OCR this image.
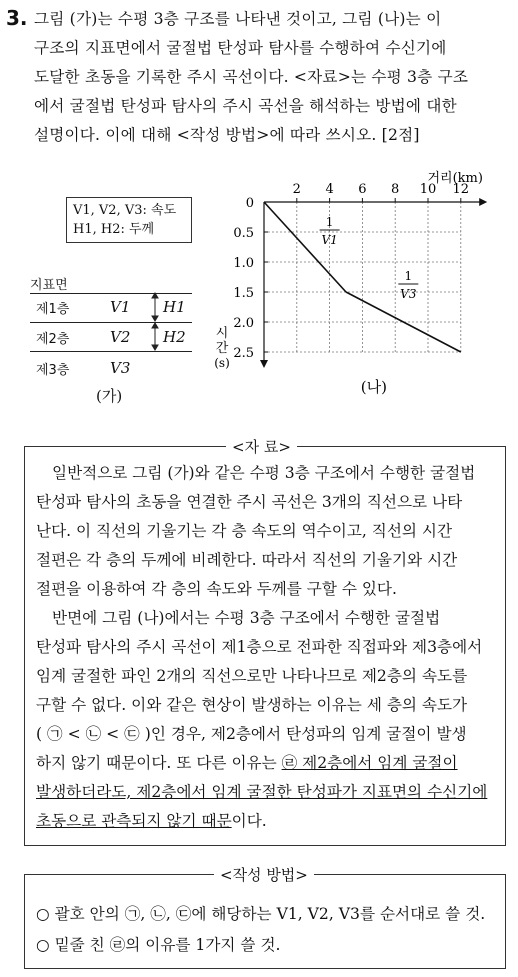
3. 그림 (가)는 수평 3층 구조를 나타낸 것이고, 그림 (나)는 이
구조의 지표면에서 굴절법 탄성파 탐사를 수행하여 수신기에
도달한 초동을 기록한 주시 곡선이다. <자료>는 수평 3층 구조
에서 굴절법 탄성파 탐사의 주시 곡선을 해석하는 방법에 대한
설명이다. 이에 대해 <작성 방법>에 따라 쓰시오. [2점]
V1, V2, V3: 속도
H1, H2: 두께
지표면
제1층	V1 H1
제2층	V2 H2
제3층	V3
(가)
2 4 6 8 10 12
0.5
1.0
1.5
2.0
2.5
0
거리(km)
시
간
(s)
1
V1
1
V3
(나)
<자 료>
일반적으로 그림 (가)와 같은 수평 3층 구조에서 수행한 굴절법
탄성파 탐사의 초동을 연결한 주시 곡선은 3개의 직선으로 나타
난다. 이 직선의 기울기는 각 층 속도의 역수이고, 직선의 시간
절편은 각 층의 두께에 비례한다. 따라서 직선의 기울기와 시간
절편을 이용하여 각 층의 속도와 두께를 구할 수 있다.
반면에 그림 (나)에서는 수평 3층 구조에서 수행한 굴절법
탄성파 탐사의 주시 곡선이 제1층으로 전파한 직접파와 제3층에서
임계 굴절한 파인 2개의 직선으로만 나타나므로 제2층의 속도를
구할 수 없다. 이와 같은 현상이 발생하는 이유는 세 층의 속도가
( ㉠ < ㉡ < ㉢ )인 경우, 제2층에서 탄성파의 임계 굴절이 발생
하지 않기 때문이다. 또 다른 이유는 ㉣ 제2층에서 임계 굴절이
발생하더라도, 제2층에서 임계 굴절한 탄성파가 지표면의 수신기에
초동으로 관측되지 않기 때문이다.
<작성 방법>
○ 괄호 안의 ㉠, ㉡, ㉢에 해당하는 V1, V2, V3를 순서대로 쓸 것.
○ 밑줄 친 ㉣의 이유를 1가지 쓸 것.
